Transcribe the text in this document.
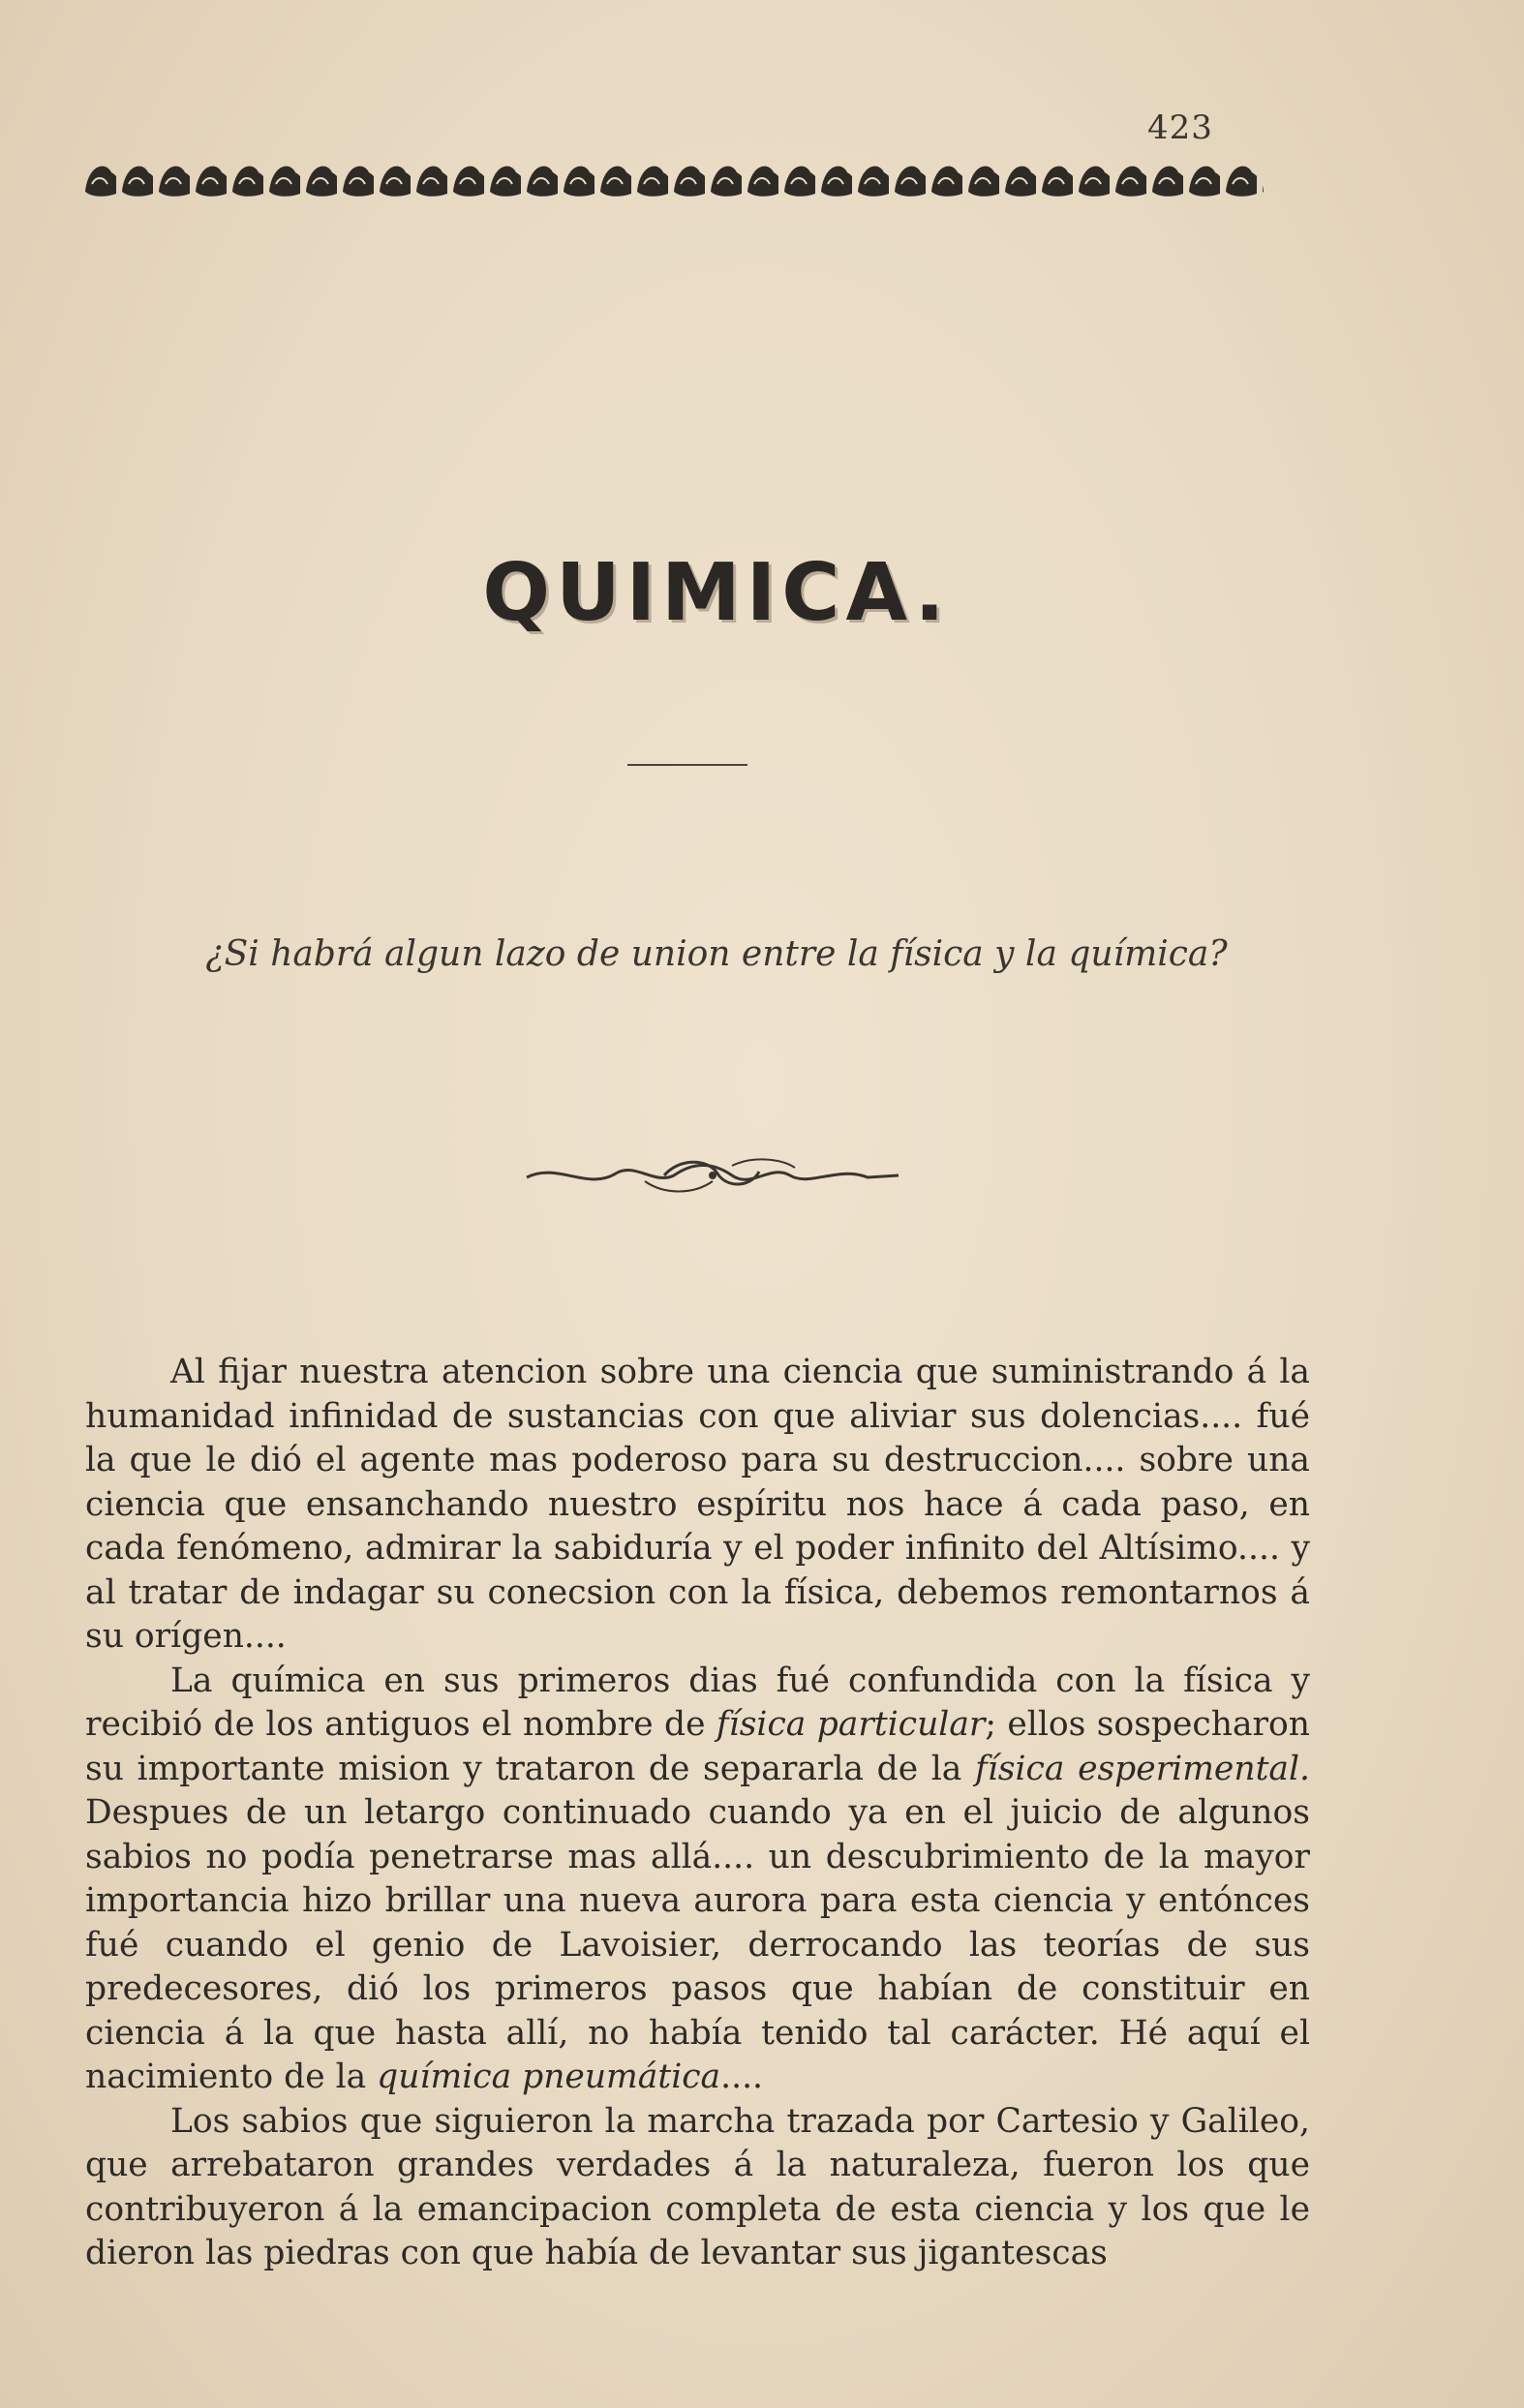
423
QUIMICA.
¿Si habrá algun lazo de union entre la física y la química?

Al fijar nuestra atencion sobre una ciencia que suministrando á la humanidad infinidad de sustancias con que aliviar sus dolencias.... fué la que le dió el agente mas poderoso para su destruccion.... sobre una ciencia que ensanchando nuestro espíritu nos hace á cada paso, en cada fenómeno, admirar la sabiduría y el poder infinito del Altísimo.... y al tratar de indagar su conecsion con la física, debemos remontarnos á su orígen....

La química en sus primeros dias fué confundida con la física y recibió de los antiguos el nombre de física particular; ellos sospecharon su importante mision y trataron de separarla de la física esperimental. Despues de un letargo continuado cuando ya en el juicio de algunos sabios no podía penetrarse mas allá.... un descubrimiento de la mayor importancia hizo brillar una nueva aurora para esta ciencia y entónces fué cuando el genio de Lavoisier, derrocando las teorías de sus predecesores, dió los primeros pasos que habían de constituir en ciencia á la que hasta allí, no había tenido tal carácter. Hé aquí el nacimiento de la química pneumática....

Los sabios que siguieron la marcha trazada por Cartesio y Galileo, que arrebataron grandes verdades á la naturaleza, fueron los que contribuyeron á la emancipacion completa de esta ciencia y los que le dieron las piedras con que había de levantar sus jigantescas
